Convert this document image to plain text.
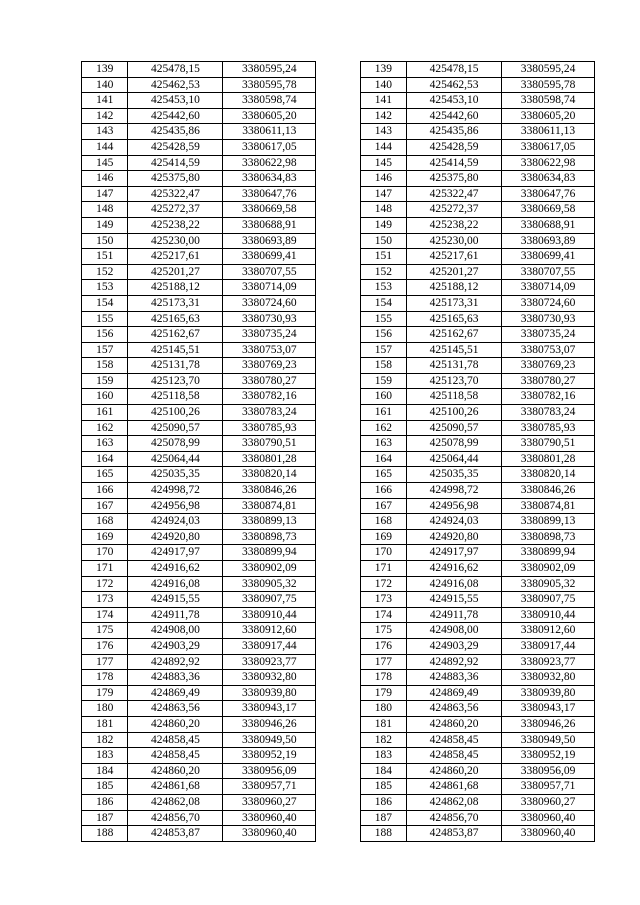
139	425478,15	3380595,24		139	425478,15	3380595,24
140	425462,53	3380595,78		140	425462,53	3380595,78
141	425453,10	3380598,74		141	425453,10	3380598,74
142	425442,60	3380605,20		142	425442,60	3380605,20
143	425435,86	3380611,13		143	425435,86	3380611,13
144	425428,59	3380617,05		144	425428,59	3380617,05
145	425414,59	3380622,98		145	425414,59	3380622,98
146	425375,80	3380634,83		146	425375,80	3380634,83
147	425322,47	3380647,76		147	425322,47	3380647,76
148	425272,37	3380669,58		148	425272,37	3380669,58
149	425238,22	3380688,91		149	425238,22	3380688,91
150	425230,00	3380693,89		150	425230,00	3380693,89
151	425217,61	3380699,41		151	425217,61	3380699,41
152	425201,27	3380707,55		152	425201,27	3380707,55
153	425188,12	3380714,09		153	425188,12	3380714,09
154	425173,31	3380724,60		154	425173,31	3380724,60
155	425165,63	3380730,93		155	425165,63	3380730,93
156	425162,67	3380735,24		156	425162,67	3380735,24
157	425145,51	3380753,07		157	425145,51	3380753,07
158	425131,78	3380769,23		158	425131,78	3380769,23
159	425123,70	3380780,27		159	425123,70	3380780,27
160	425118,58	3380782,16		160	425118,58	3380782,16
161	425100,26	3380783,24		161	425100,26	3380783,24
162	425090,57	3380785,93		162	425090,57	3380785,93
163	425078,99	3380790,51		163	425078,99	3380790,51
164	425064,44	3380801,28		164	425064,44	3380801,28
165	425035,35	3380820,14		165	425035,35	3380820,14
166	424998,72	3380846,26		166	424998,72	3380846,26
167	424956,98	3380874,81		167	424956,98	3380874,81
168	424924,03	3380899,13		168	424924,03	3380899,13
169	424920,80	3380898,73		169	424920,80	3380898,73
170	424917,97	3380899,94		170	424917,97	3380899,94
171	424916,62	3380902,09		171	424916,62	3380902,09
172	424916,08	3380905,32		172	424916,08	3380905,32
173	424915,55	3380907,75		173	424915,55	3380907,75
174	424911,78	3380910,44		174	424911,78	3380910,44
175	424908,00	3380912,60		175	424908,00	3380912,60
176	424903,29	3380917,44		176	424903,29	3380917,44
177	424892,92	3380923,77		177	424892,92	3380923,77
178	424883,36	3380932,80		178	424883,36	3380932,80
179	424869,49	3380939,80		179	424869,49	3380939,80
180	424863,56	3380943,17		180	424863,56	3380943,17
181	424860,20	3380946,26		181	424860,20	3380946,26
182	424858,45	3380949,50		182	424858,45	3380949,50
183	424858,45	3380952,19		183	424858,45	3380952,19
184	424860,20	3380956,09		184	424860,20	3380956,09
185	424861,68	3380957,71		185	424861,68	3380957,71
186	424862,08	3380960,27		186	424862,08	3380960,27
187	424856,70	3380960,40		187	424856,70	3380960,40
188	424853,87	3380960,40		188	424853,87	3380960,40
